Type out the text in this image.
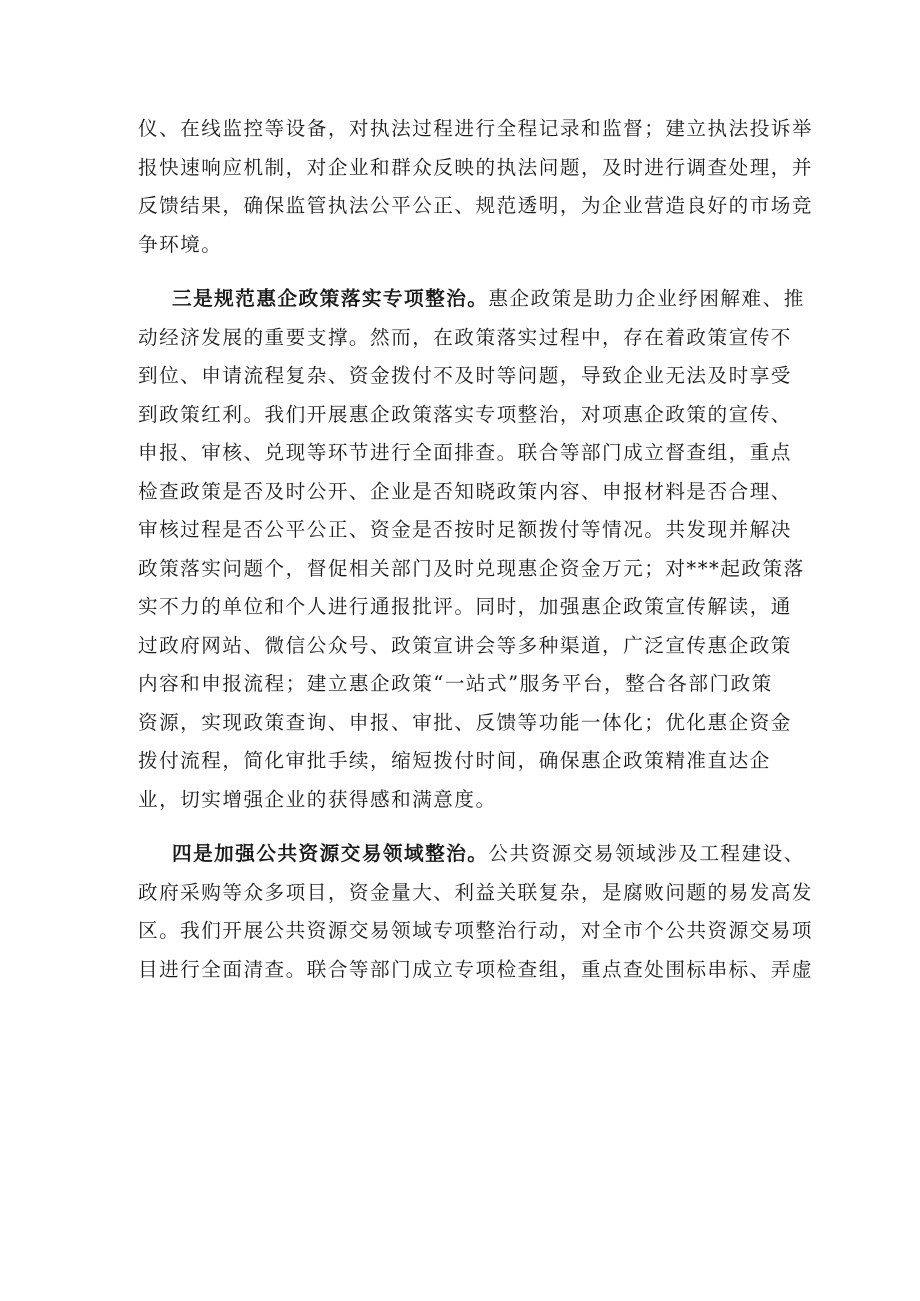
仪、在线监控等设备，对执法过程进行全程记录和监督；建立执法投诉举
报快速响应机制，对企业和群众反映的执法问题，及时进行调查处理，并
反馈结果，确保监管执法公平公正、规范透明，为企业营造良好的市场竞
争环境。
三是规范惠企政策落实专项整治。惠企政策是助力企业纾困解难、推
动经济发展的重要支撑。然而，在政策落实过程中，存在着政策宣传不
到位、申请流程复杂、资金拨付不及时等问题，导致企业无法及时享受
到政策红利。我们开展惠企政策落实专项整治，对项惠企政策的宣传、
申报、审核、兑现等环节进行全面排查。联合等部门成立督查组，重点
检查政策是否及时公开、企业是否知晓政策内容、申报材料是否合理、
审核过程是否公平公正、资金是否按时足额拨付等情况。共发现并解决
政策落实问题个，督促相关部门及时兑现惠企资金万元；对***起政策落
实不力的单位和个人进行通报批评。同时，加强惠企政策宣传解读，通
过政府网站、微信公众号、政策宣讲会等多种渠道，广泛宣传惠企政策
内容和申报流程；建立惠企政策“一站式”服务平台，整合各部门政策
资源，实现政策查询、申报、审批、反馈等功能一体化；优化惠企资金
拨付流程，简化审批手续，缩短拨付时间，确保惠企政策精准直达企
业，切实增强企业的获得感和满意度。
四是加强公共资源交易领域整治。公共资源交易领域涉及工程建设、
政府采购等众多项目，资金量大、利益关联复杂，是腐败问题的易发高发
区。我们开展公共资源交易领域专项整治行动，对全市个公共资源交易项
目进行全面清查。联合等部门成立专项检查组，重点查处围标串标、弄虚
